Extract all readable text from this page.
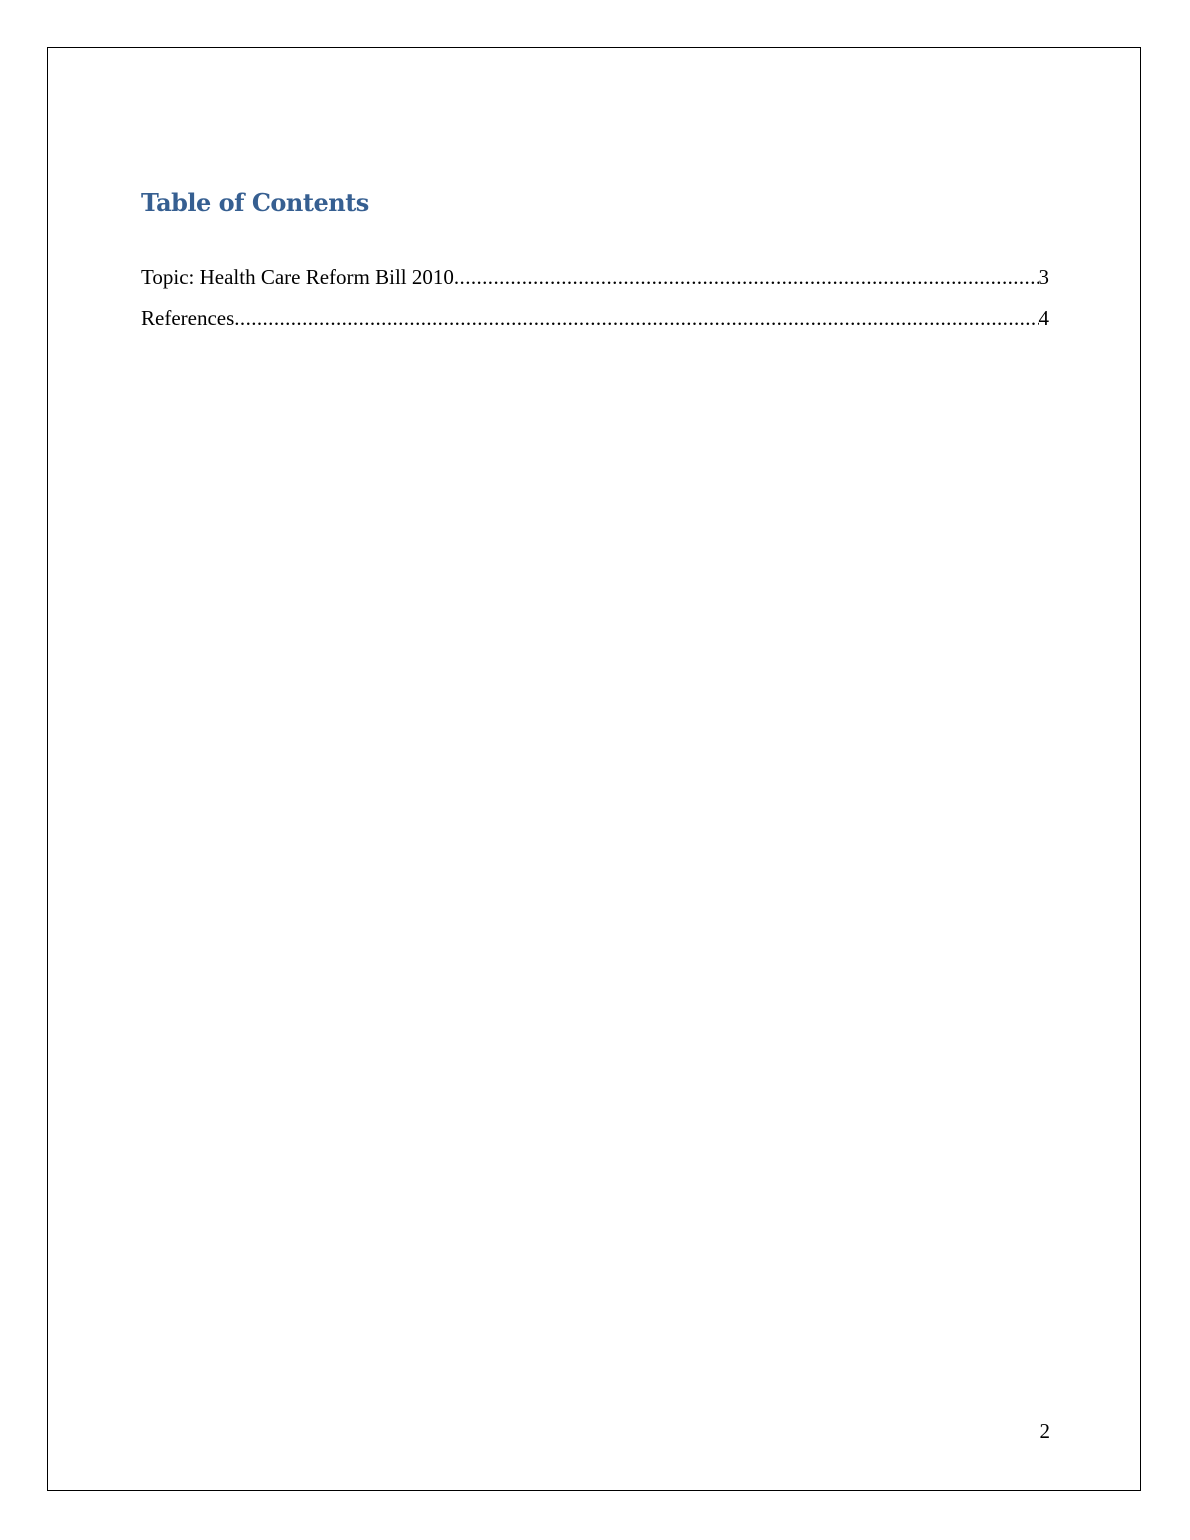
Table of Contents
Topic: Health Care Reform Bill 2010 .....	3
References .....	4
2
